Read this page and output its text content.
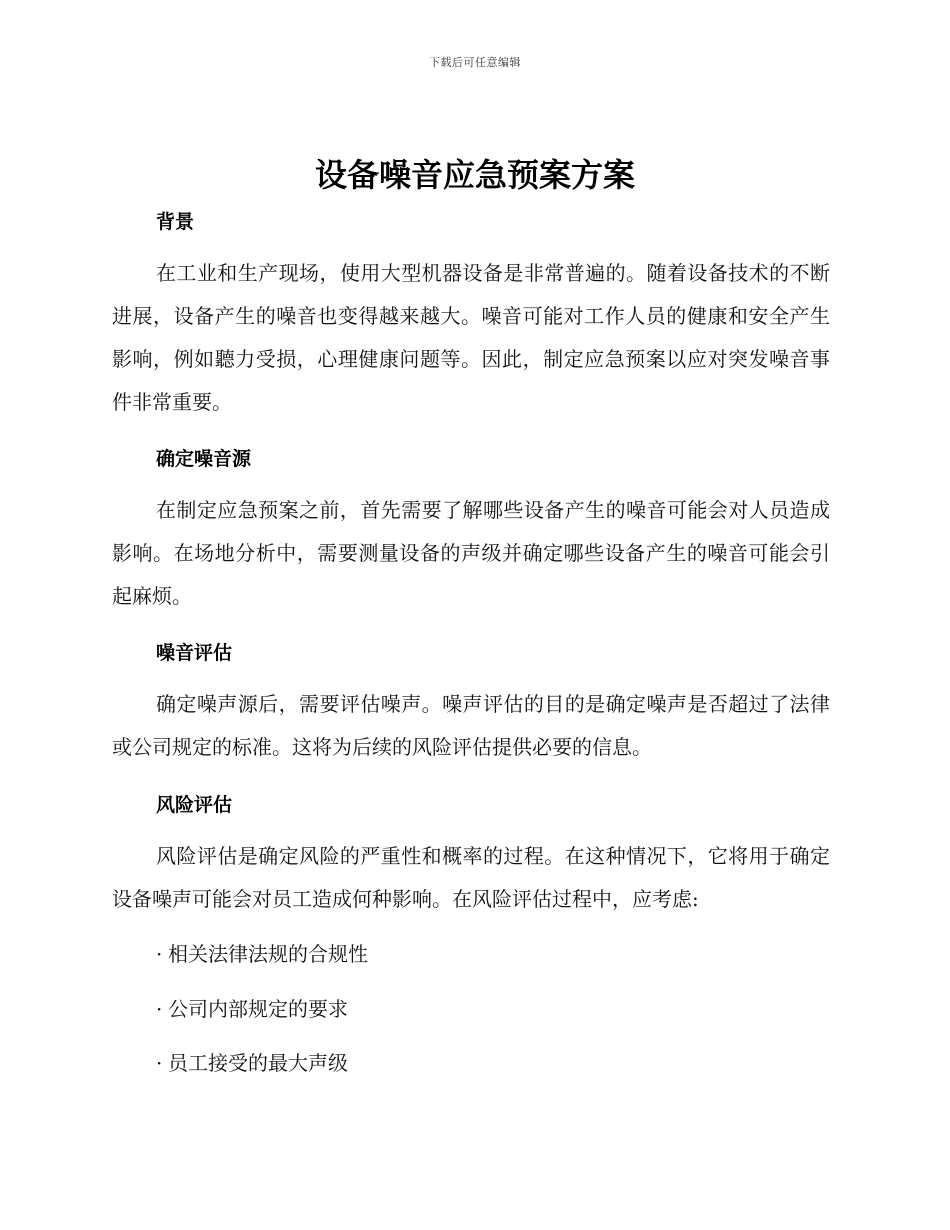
下载后可任意编辑
设备噪音应急预案方案
背景

在工业和生产现场，使用大型机器设备是非常普遍的。随着设备技术的不断进展，设备产生的噪音也变得越来越大。噪音可能对工作人员的健康和安全产生影响，例如聽力受损，心理健康问题等。因此，制定应急预案以应对突发噪音事件非常重要。

确定噪音源

在制定应急预案之前，首先需要了解哪些设备产生的噪音可能会对人员造成影响。在场地分析中，需要测量设备的声级并确定哪些设备产生的噪音可能会引起麻烦。

噪音评估

确定噪声源后，需要评估噪声。噪声评估的目的是确定噪声是否超过了法律或公司规定的标准。这将为后续的风险评估提供必要的信息。

风险评估

风险评估是确定风险的严重性和概率的过程。在这种情况下，它将用于确定设备噪声可能会对员工造成何种影响。在风险评估过程中，应考虑:

· 相关法律法规的合规性
· 公司内部规定的要求
· 员工接受的最大声级
